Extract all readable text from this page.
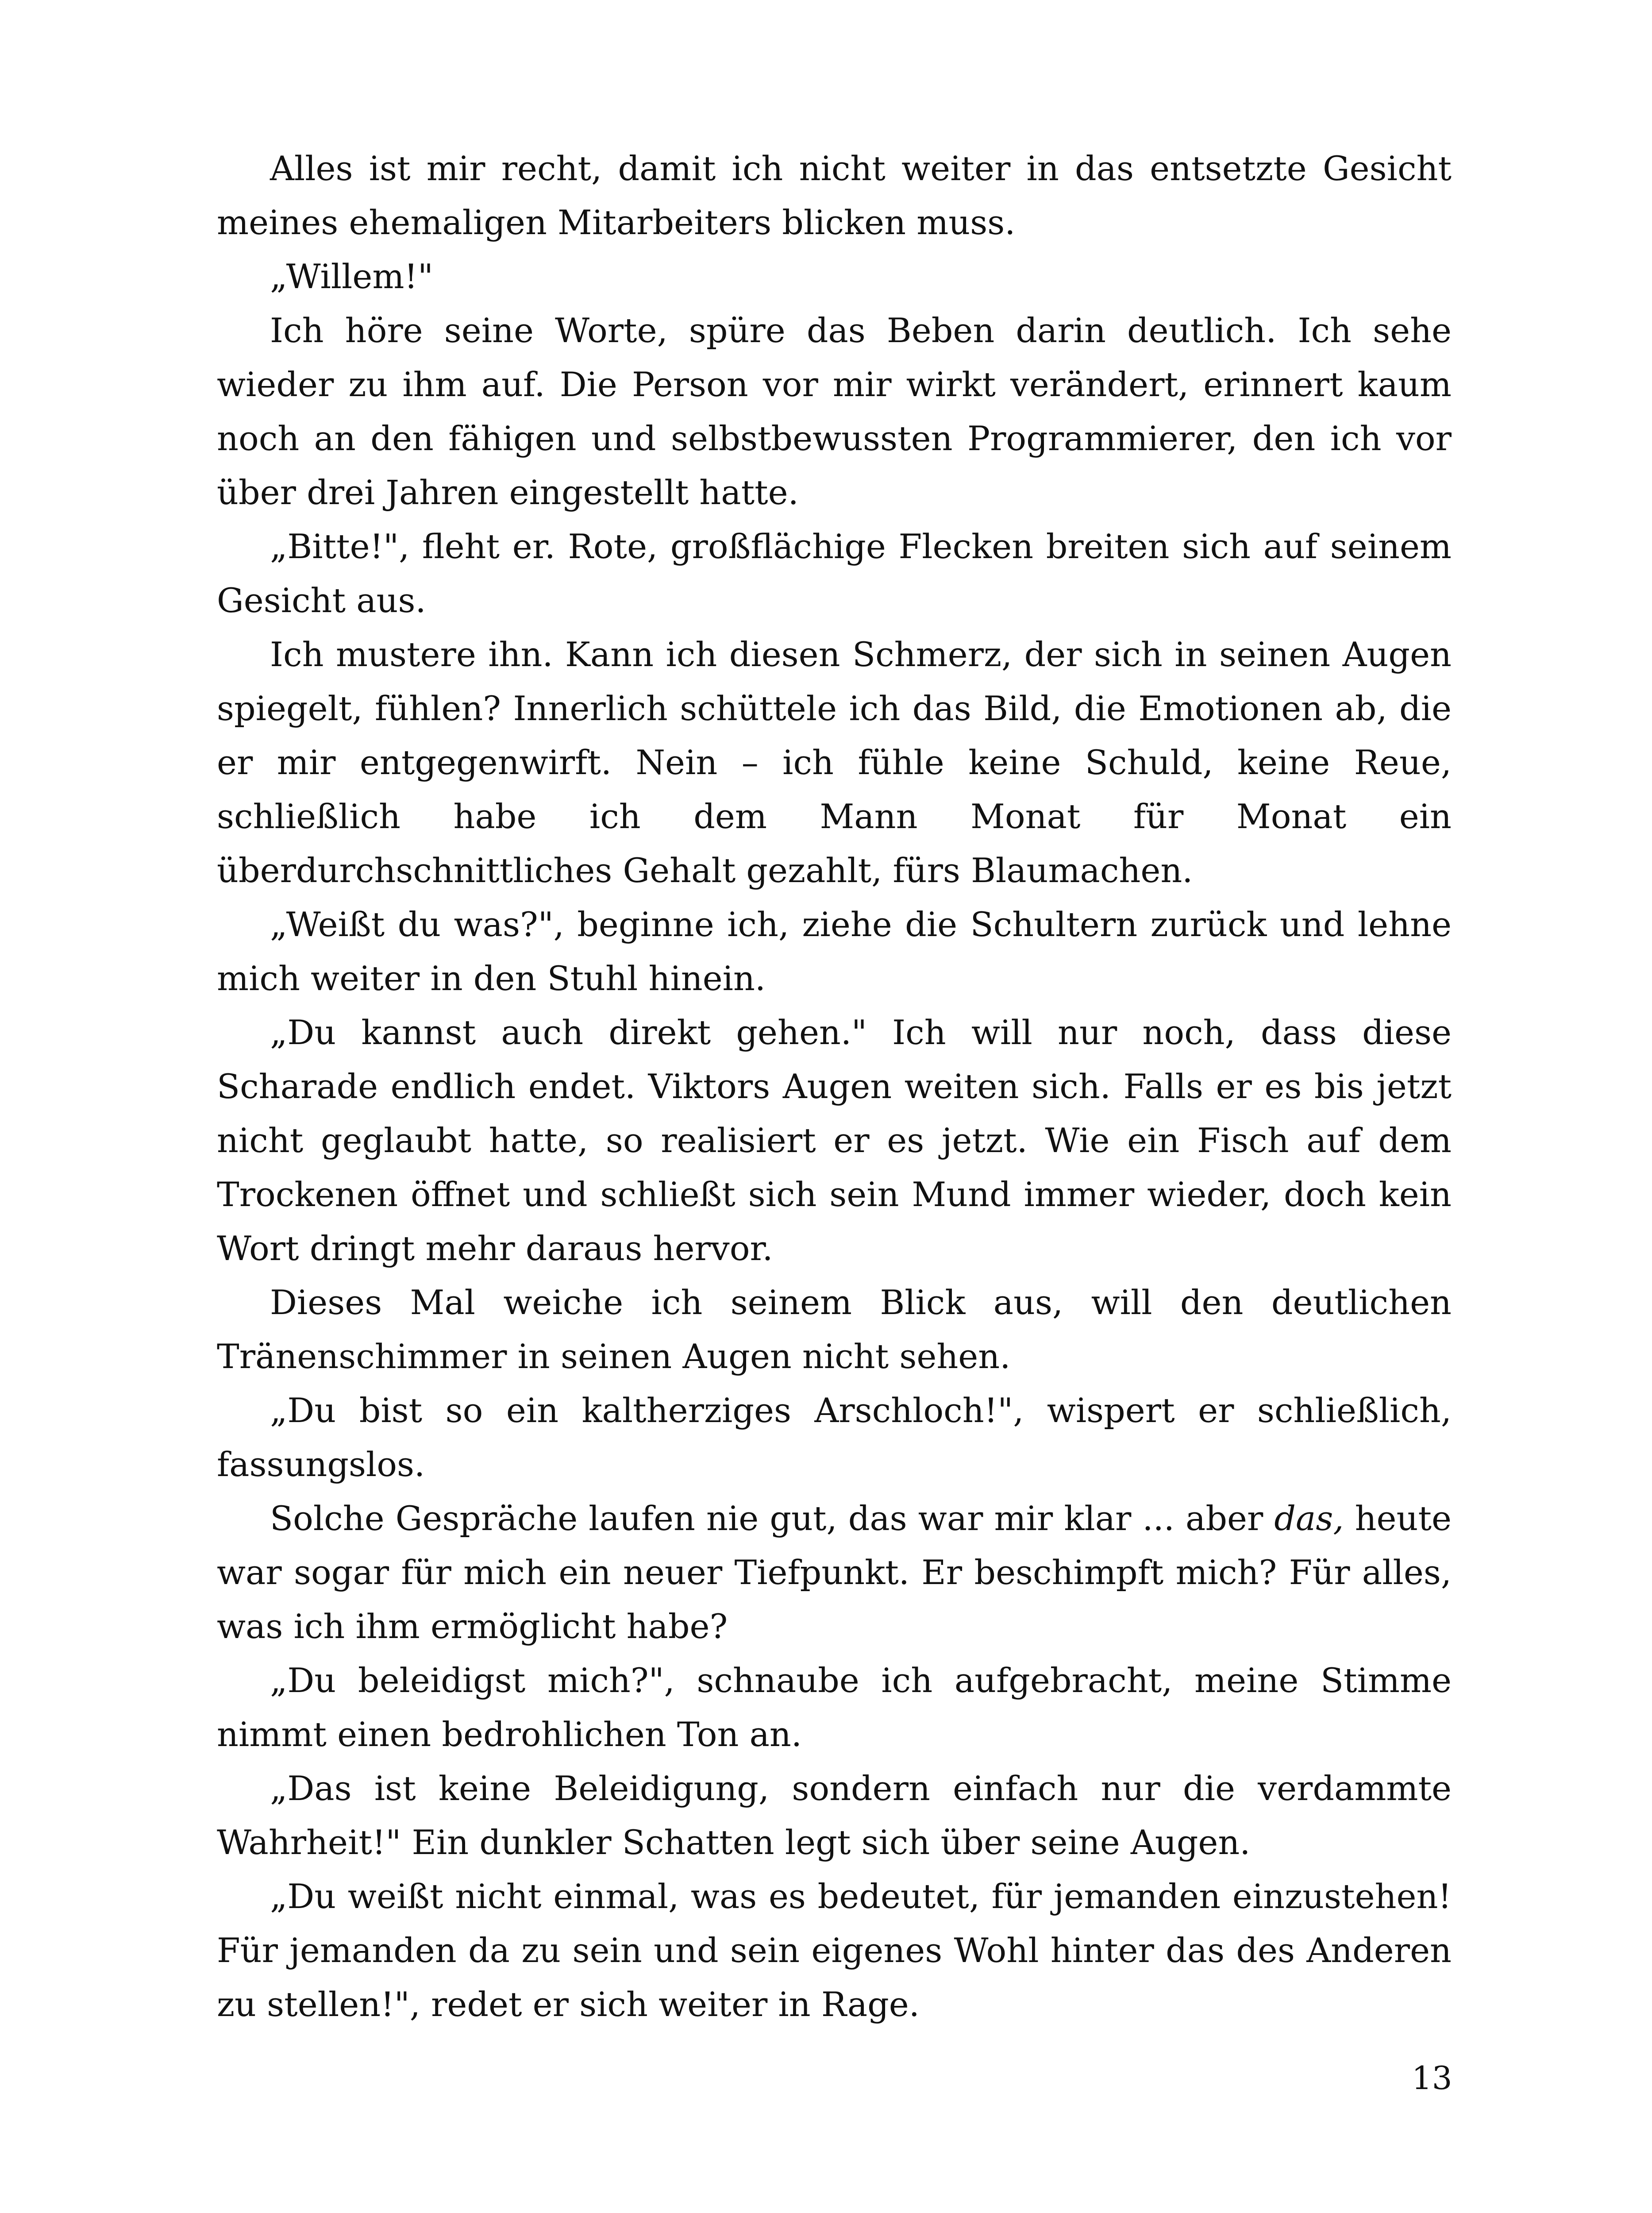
Alles ist mir recht, damit ich nicht weiter in das entsetzte Gesicht meines ehemaligen Mitarbeiters blicken muss.

„Willem!"

Ich höre seine Worte, spüre das Beben darin deutlich. Ich sehe wieder zu ihm auf. Die Person vor mir wirkt verändert, erinnert kaum noch an den fähigen und selbstbewussten Programmierer, den ich vor über drei Jahren eingestellt hatte.

„Bitte!", fleht er. Rote, großflächige Flecken breiten sich auf seinem Gesicht aus.

Ich mustere ihn. Kann ich diesen Schmerz, der sich in seinen Augen spiegelt, fühlen? Innerlich schüttele ich das Bild, die Emotionen ab, die er mir entgegenwirft. Nein – ich fühle keine Schuld, keine Reue, schließlich habe ich dem Mann Monat für Monat ein überdurchschnittliches Gehalt gezahlt, fürs Blaumachen.

„Weißt du was?", beginne ich, ziehe die Schultern zurück und lehne mich weiter in den Stuhl hinein.

„Du kannst auch direkt gehen." Ich will nur noch, dass diese Scharade endlich endet. Viktors Augen weiten sich. Falls er es bis jetzt nicht geglaubt hatte, so realisiert er es jetzt. Wie ein Fisch auf dem Trockenen öffnet und schließt sich sein Mund immer wieder, doch kein Wort dringt mehr daraus hervor.

Dieses Mal weiche ich seinem Blick aus, will den deutlichen Tränenschimmer in seinen Augen nicht sehen.

„Du bist so ein kaltherziges Arschloch!", wispert er schließlich, fassungslos.

Solche Gespräche laufen nie gut, das war mir klar ... aber das, heute war sogar für mich ein neuer Tiefpunkt. Er beschimpft mich? Für alles, was ich ihm ermöglicht habe?

„Du beleidigst mich?", schnaube ich aufgebracht, meine Stimme nimmt einen bedrohlichen Ton an.

„Das ist keine Beleidigung, sondern einfach nur die verdammte Wahrheit!" Ein dunkler Schatten legt sich über seine Augen.

„Du weißt nicht einmal, was es bedeutet, für jemanden einzustehen! Für jemanden da zu sein und sein eigenes Wohl hinter das des Anderen zu stellen!", redet er sich weiter in Rage.

13
